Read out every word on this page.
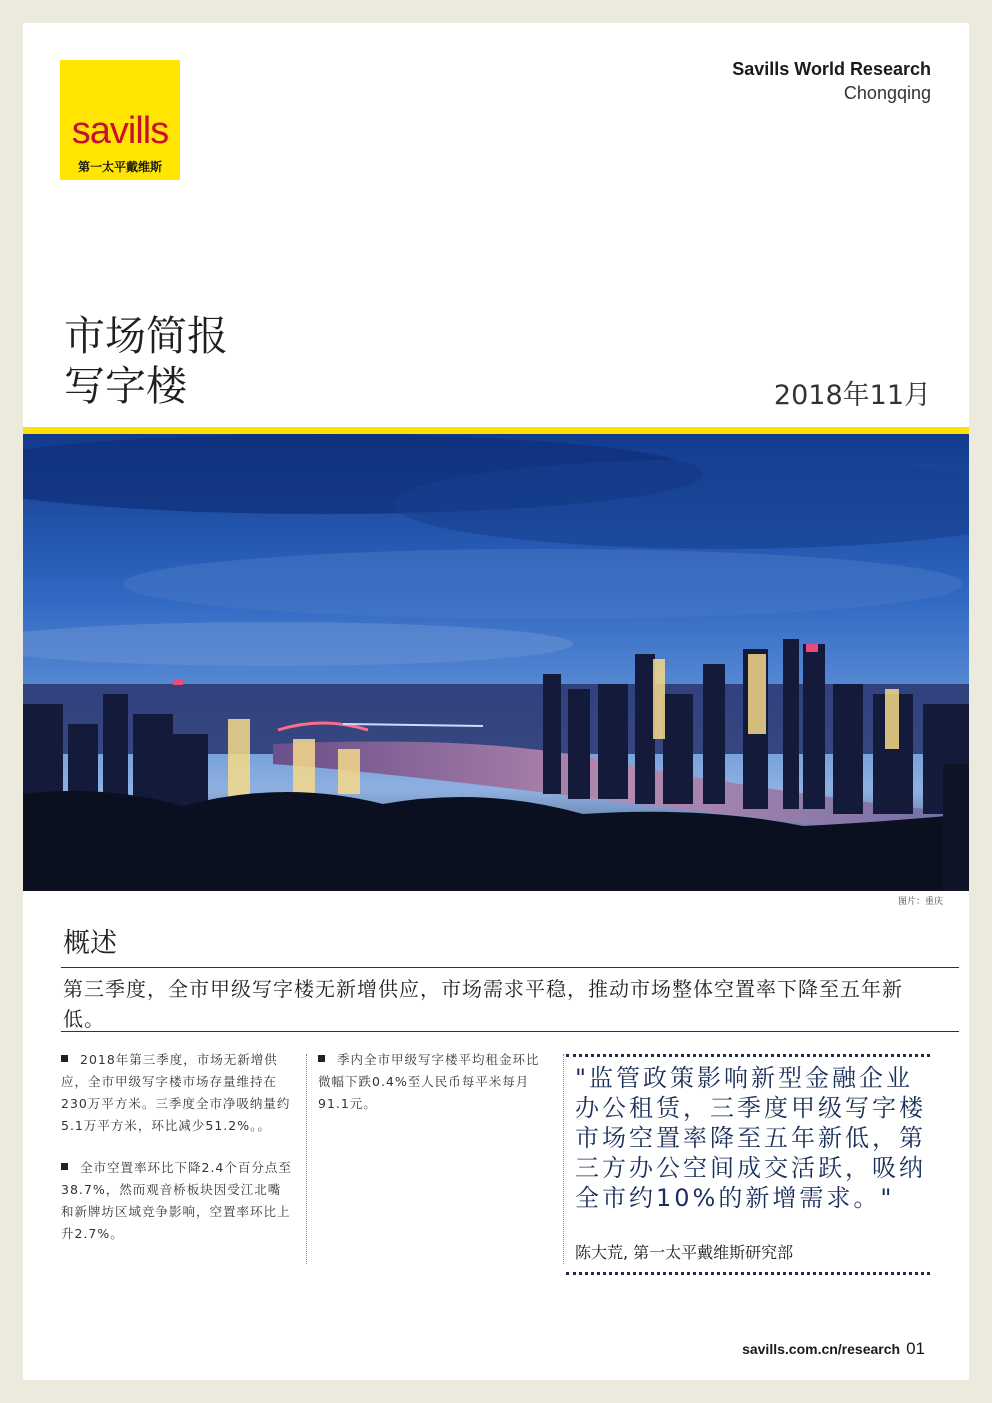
savills
第一太平戴维斯
Savills World Research
Chongqing
市场简报
写字楼	2018年11月
图片：重庆
概述
第三季度，全市甲级写字楼无新增供应，市场需求平稳，推动市场整体空置率下降至五年新低。
2018年第三季度，市场无新增供应，全市甲级写字楼市场存量维持在230万平方米。三季度全市净吸纳量约5.1万平方米，环比减少51.2%。。
全市空置率环比下降2.4个百分点至38.7%，然而观音桥板块因受江北嘴和新牌坊区域竞争影响，空置率环比上升2.7%。
季内全市甲级写字楼平均租金环比微幅下跌0.4%至人民币每平米每月91.1元。
"监管政策影响新型金融企业办公租赁，三季度甲级写字楼市场空置率降至五年新低，第三方办公空间成交活跃，吸纳全市约10%的新增需求。"
陈大荒, 第一太平戴维斯研究部
savills.com.cn/research 01
